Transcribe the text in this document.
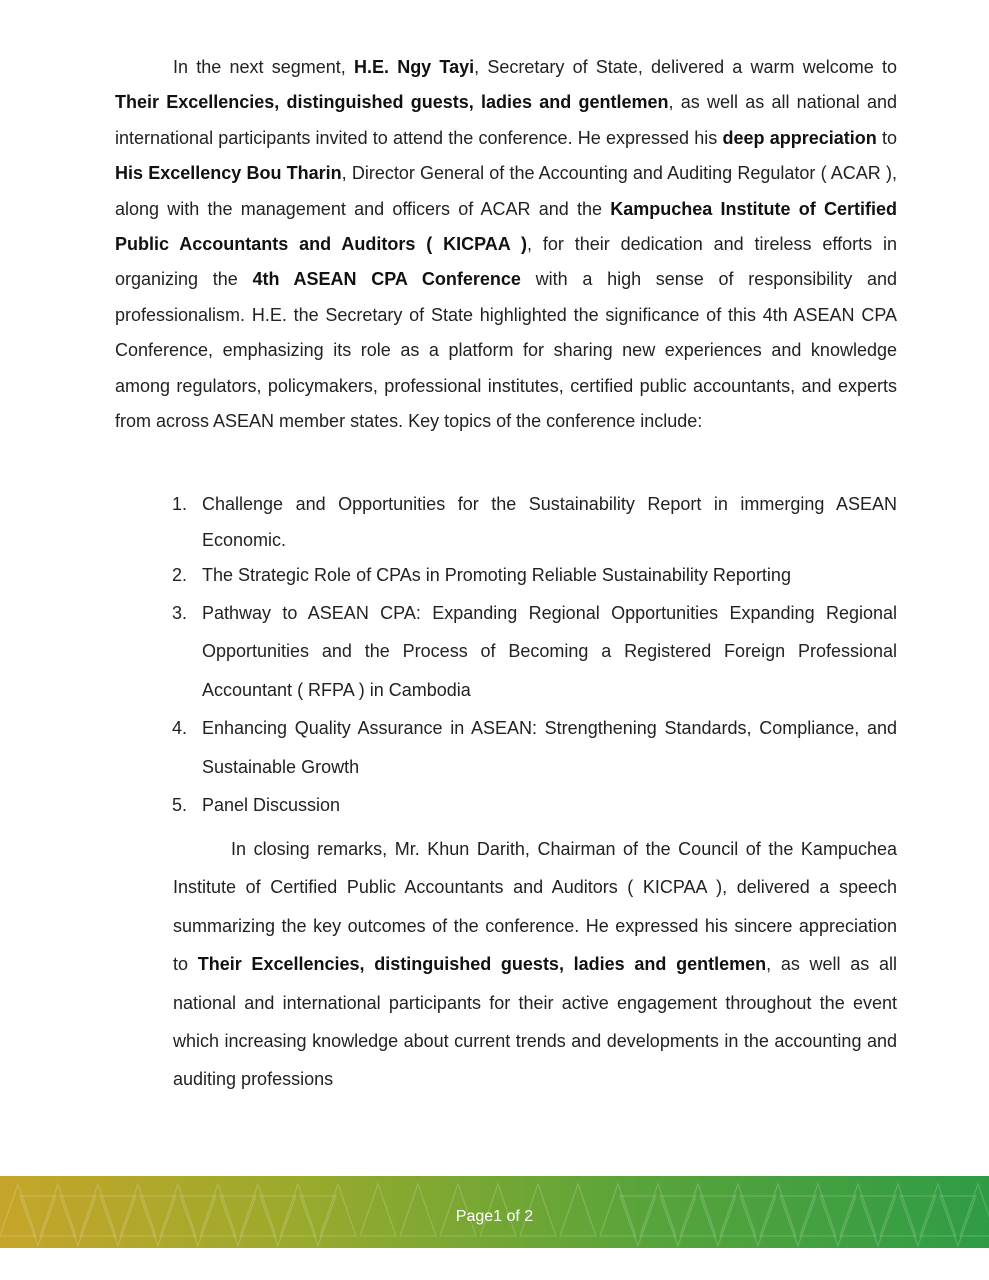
In the next segment, H.E. Ngy Tayi, Secretary of State, delivered a warm welcome to Their Excellencies, distinguished guests, ladies and gentlemen, as well as all national and international participants invited to attend the conference. He expressed his deep appreciation to His Excellency Bou Tharin, Director General of the Accounting and Auditing Regulator ( ACAR ), along with the management and officers of ACAR and the Kampuchea Institute of Certified Public Accountants and Auditors ( KICPAA ), for their dedication and tireless efforts in organizing the 4th ASEAN CPA Conference with a high sense of responsibility and professionalism. H.E. the Secretary of State highlighted the significance of this 4th ASEAN CPA Conference, emphasizing its role as a platform for sharing new experiences and knowledge among regulators, policymakers, professional institutes, certified public accountants, and experts from across ASEAN member states. Key topics of the conference include:

1. Challenge and Opportunities for the Sustainability Report in immerging ASEAN Economic.
2. The Strategic Role of CPAs in Promoting Reliable Sustainability Reporting
3. Pathway to ASEAN CPA: Expanding Regional Opportunities Expanding Regional Opportunities and the Process of Becoming a Registered Foreign Professional Accountant ( RFPA ) in Cambodia
4. Enhancing Quality Assurance in ASEAN: Strengthening Standards, Compliance, and Sustainable Growth
5. Panel Discussion

In closing remarks, Mr. Khun Darith, Chairman of the Council of the Kampuchea Institute of Certified Public Accountants and Auditors ( KICPAA ), delivered a speech summarizing the key outcomes of the conference. He expressed his sincere appreciation to Their Excellencies, distinguished guests, ladies and gentlemen, as well as all national and international participants for their active engagement throughout the event which increasing knowledge about current trends and developments in the accounting and auditing professions

Page1 of 2
